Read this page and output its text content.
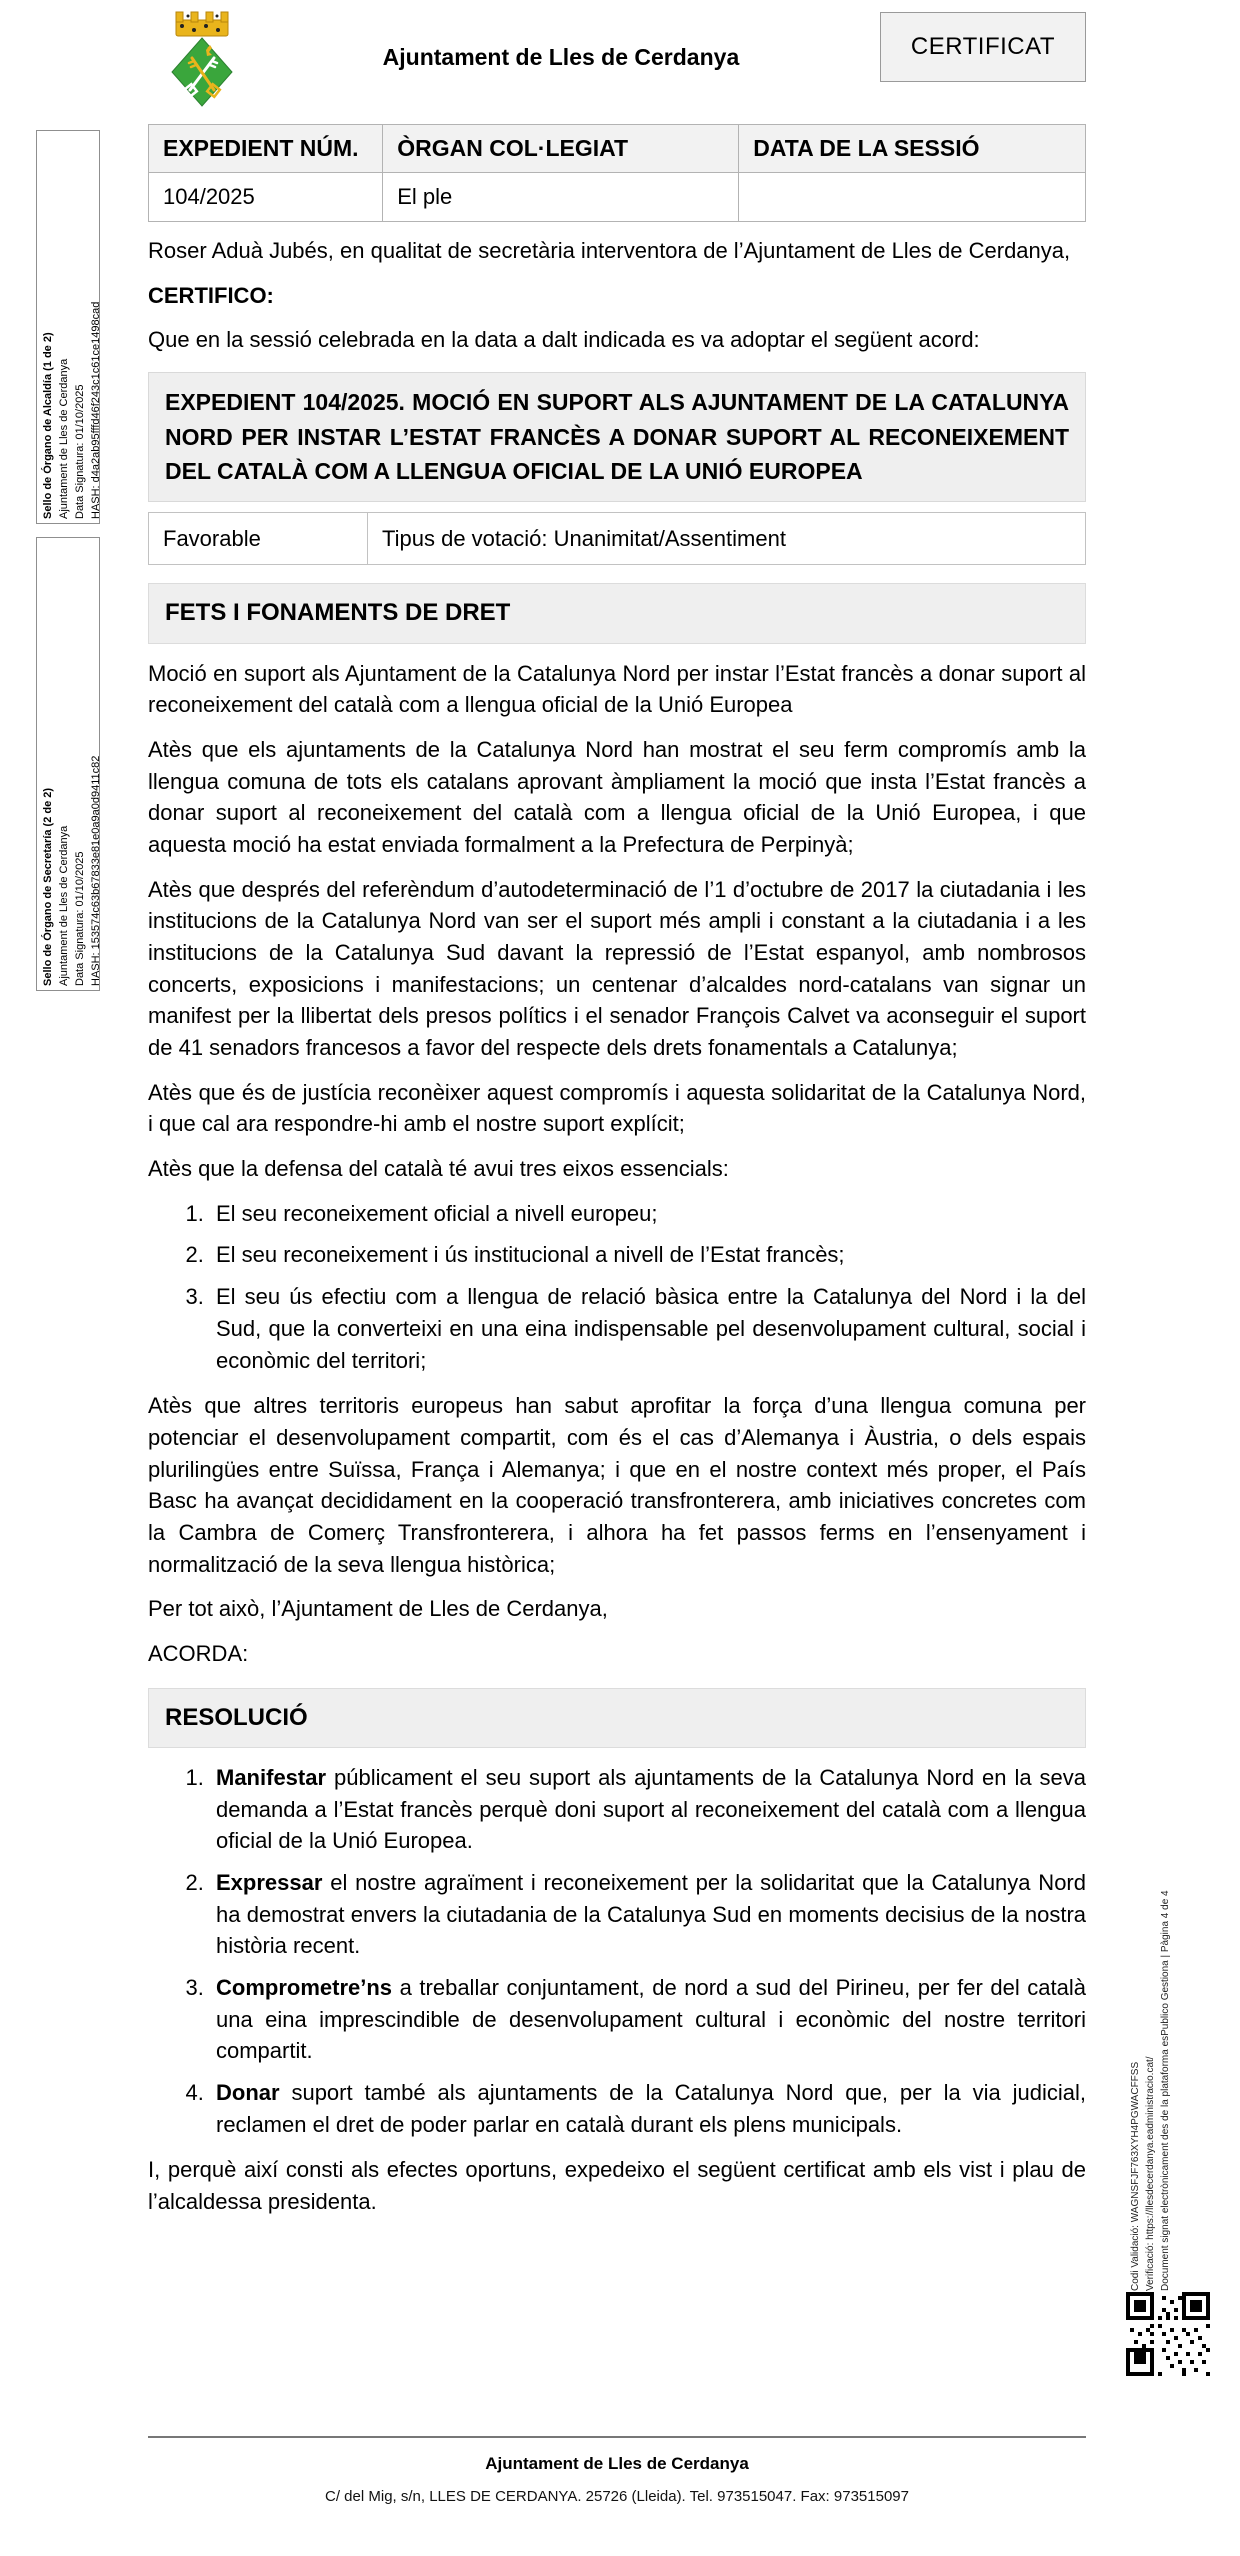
Sello de Órgano de Alcaldía (1 de 2) Ajuntament de Lles de Cerdanya Data Signatura: 01/10/2025 HASH: d4a2ab95fffd46f243c1c61ce1498cad
Sello de Órgano de Secretaría (2 de 2) Ajuntament de Lles de Cerdanya Data Signatura: 01/10/2025 HASH: 153574c63b67833e81e0a9a0d9411c82
Codi Validació: WAGNSFJF763XYH4PGWACFFSS Verificació: https://llesdecerdanya.eadministracio.cat/ Document signat electrònicament des de la plataforma esPublico Gestiona | Pàgina 4 de 4
Ajuntament de Lles de Cerdanya	CERTIFICAT
EXPEDIENT NÚM.	ÒRGAN COL·LEGIAT	DATA DE LA SESSIÓ
104/2025	El ple	

Roser Aduà Jubés, en qualitat de secretària interventora de l’Ajuntament de Lles de Cerdanya,

CERTIFICO:

Que en la sessió celebrada en la data a dalt indicada es va adoptar el següent acord:

EXPEDIENT 104/2025. MOCIÓ EN SUPORT ALS AJUNTAMENT DE LA CATALUNYA NORD PER INSTAR L’ESTAT FRANCÈS A DONAR SUPORT AL RECONEIXEMENT DEL CATALÀ COM A LLENGUA OFICIAL DE LA UNIÓ EUROPEA
Favorable	Tipus de votació: Unanimitat/Assentiment
FETS I FONAMENTS DE DRET

Moció en suport als Ajuntament de la Catalunya Nord per instar l’Estat francès a donar suport al reconeixement del català com a llengua oficial de la Unió Europea

Atès que els ajuntaments de la Catalunya Nord han mostrat el seu ferm compromís amb la llengua comuna de tots els catalans aprovant àmpliament la moció que insta l’Estat francès a donar suport al reconeixement del català com a llengua oficial de la Unió Europea, i que aquesta moció ha estat enviada formalment a la Prefectura de Perpinyà;

Atès que després del referèndum d’autodeterminació de l’1 d’octubre de 2017 la ciutadania i les institucions de la Catalunya Nord van ser el suport més ampli i constant a la ciutadania i a les institucions de la Catalunya Sud davant la repressió de l’Estat espanyol, amb nombrosos concerts, exposicions i manifestacions; un centenar d’alcaldes nord-catalans van signar un manifest per la llibertat dels presos polítics i el senador François Calvet va aconseguir el suport de 41 senadors francesos a favor del respecte dels drets fonamentals a Catalunya;

Atès que és de justícia reconèixer aquest compromís i aquesta solidaritat de la Catalunya Nord, i que cal ara respondre-hi amb el nostre suport explícit;

Atès que la defensa del català té avui tres eixos essencials:

1. El seu reconeixement oficial a nivell europeu;
2. El seu reconeixement i ús institucional a nivell de l’Estat francès;
3. El seu ús efectiu com a llengua de relació bàsica entre la Catalunya del Nord i la del Sud, que la converteixi en una eina indispensable pel desenvolupament cultural, social i econòmic del territori;

Atès que altres territoris europeus han sabut aprofitar la força d’una llengua comuna per potenciar el desenvolupament compartit, com és el cas d’Alemanya i Àustria, o dels espais plurilingües entre Suïssa, França i Alemanya; i que en el nostre context més proper, el País Basc ha avançat decididament en la cooperació transfronterera, amb iniciatives concretes com la Cambra de Comerç Transfronterera, i alhora ha fet passos ferms en l’ensenyament i normalització de la seva llengua històrica;

Per tot això, l’Ajuntament de Lles de Cerdanya,

ACORDA:

RESOLUCIÓ
1. Manifestar públicament el seu suport als ajuntaments de la Catalunya Nord en la seva demanda a l’Estat francès perquè doni suport al reconeixement del català com a llengua oficial de la Unió Europea.
2. Expressar el nostre agraïment i reconeixement per la solidaritat que la Catalunya Nord ha demostrat envers la ciutadania de la Catalunya Sud en moments decisius de la nostra història recent.
3. Comprometre’ns a treballar conjuntament, de nord a sud del Pirineu, per fer del català una eina imprescindible de desenvolupament cultural i econòmic del nostre territori compartit.
4. Donar suport també als ajuntaments de la Catalunya Nord que, per la via judicial, reclamen el dret de poder parlar en català durant els plens municipals.

I, perquè així consti als efectes oportuns, expedeixo el següent certificat amb els vist i plau de l’alcaldessa presidenta.

Ajuntament de Lles de Cerdanya
C/ del Mig, s/n, LLES DE CERDANYA. 25726 (Lleida). Tel. 973515047. Fax: 973515097
